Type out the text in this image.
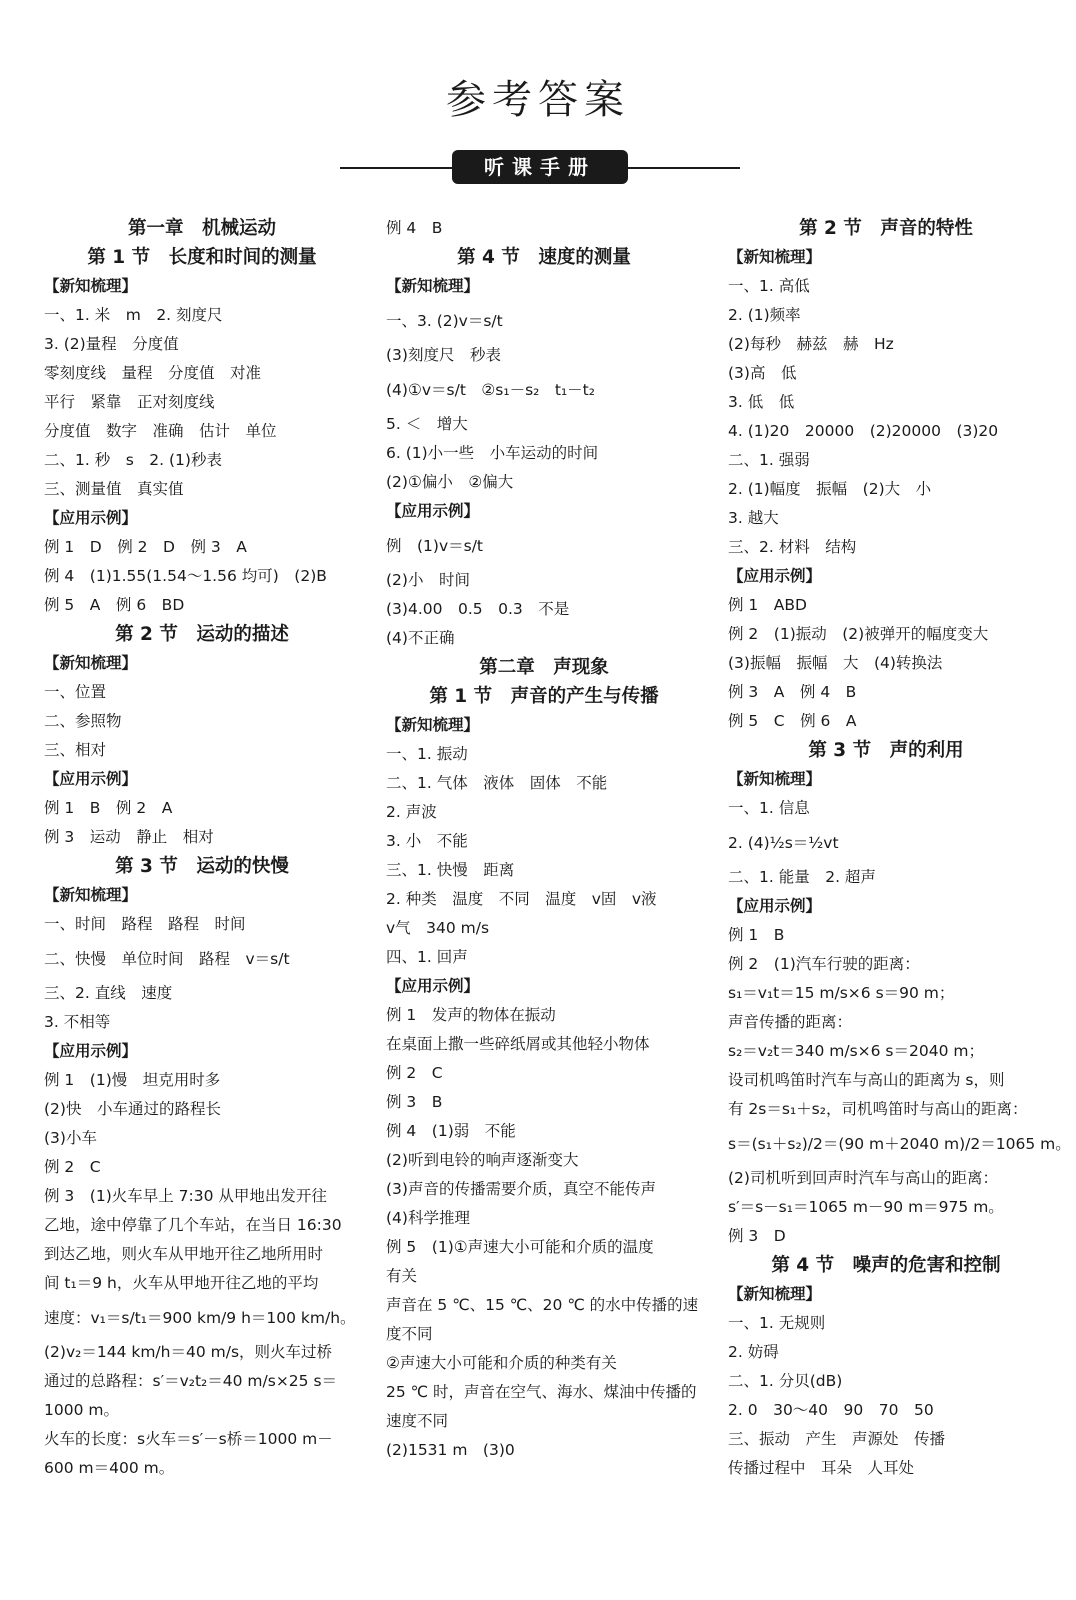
参考答案
听课手册
第一章　机械运动
第 1 节　长度和时间的测量
【新知梳理】
一、1. 米　m　2. 刻度尺
3. (2)量程　分度值
零刻度线　量程　分度值　对准
平行　紧靠　正对刻度线
分度值　数字　准确　估计　单位
二、1. 秒　s　2. (1)秒表
三、测量值　真实值
【应用示例】
例 1　D　例 2　D　例 3　A
例 4　(1)1.55(1.54～1.56 均可)　(2)B
例 5　A　例 6　BD
第 2 节　运动的描述
【新知梳理】
一、位置
二、参照物
三、相对
【应用示例】
例 1　B　例 2　A
例 3　运动　静止　相对
第 3 节　运动的快慢
【新知梳理】
一、时间　路程　路程　时间
二、快慢　单位时间　路程　v＝s/t
三、2. 直线　速度
3. 不相等
【应用示例】
例 1　(1)慢　坦克用时多
(2)快　小车通过的路程长
(3)小车
例 2　C
例 3　(1)火车早上 7:30 从甲地出发开往
乙地，途中停靠了几个车站，在当日 16:30
到达乙地，则火车从甲地开往乙地所用时
间 t₁＝9 h，火车从甲地开往乙地的平均
速度：v₁＝s/t₁＝900 km/9 h＝100 km/h。
(2)v₂＝144 km/h＝40 m/s，则火车过桥
通过的总路程：s′＝v₂t₂＝40 m/s×25 s＝
1000 m。
火车的长度：s火车＝s′－s桥＝1000 m－
600 m＝400 m。
例 4　B
第 4 节　速度的测量
【新知梳理】
一、3. (2)v＝s/t
(3)刻度尺　秒表
(4)①v＝s/t　②s₁－s₂　t₁－t₂
5. ＜　增大
6. (1)小一些　小车运动的时间
(2)①偏小　②偏大
【应用示例】
例　(1)v＝s/t
(2)小　时间
(3)4.00　0.5　0.3　不是
(4)不正确
第二章　声现象
第 1 节　声音的产生与传播
【新知梳理】
一、1. 振动
二、1. 气体　液体　固体　不能
2. 声波
3. 小　不能
三、1. 快慢　距离
2. 种类　温度　不同　温度　v固　v液
v气　340 m/s
四、1. 回声
【应用示例】
例 1　发声的物体在振动
在桌面上撒一些碎纸屑或其他轻小物体
例 2　C
例 3　B
例 4　(1)弱　不能
(2)听到电铃的响声逐渐变大
(3)声音的传播需要介质，真空不能传声
(4)科学推理
例 5　(1)①声速大小可能和介质的温度
有关
声音在 5 ℃、15 ℃、20 ℃ 的水中传播的速
度不同
②声速大小可能和介质的种类有关
25 ℃ 时，声音在空气、海水、煤油中传播的
速度不同
(2)1531 m　(3)0
第 2 节　声音的特性
【新知梳理】
一、1. 高低
2. (1)频率
(2)每秒　赫兹　赫　Hz
(3)高　低
3. 低　低
4. (1)20　20000　(2)20000　(3)20
二、1. 强弱
2. (1)幅度　振幅　(2)大　小
3. 越大
三、2. 材料　结构
【应用示例】
例 1　ABD
例 2　(1)振动　(2)被弹开的幅度变大
(3)振幅　振幅　大　(4)转换法
例 3　A　例 4　B
例 5　C　例 6　A
第 3 节　声的利用
【新知梳理】
一、1. 信息
2. (4)½s＝½vt
二、1. 能量　2. 超声
【应用示例】
例 1　B
例 2　(1)汽车行驶的距离：
s₁＝v₁t＝15 m/s×6 s＝90 m；
声音传播的距离：
s₂＝v₂t＝340 m/s×6 s＝2040 m；
设司机鸣笛时汽车与高山的距离为 s，则
有 2s＝s₁＋s₂，司机鸣笛时与高山的距离：
s＝(s₁＋s₂)/2＝(90 m＋2040 m)/2＝1065 m。
(2)司机听到回声时汽车与高山的距离：
s′＝s－s₁＝1065 m－90 m＝975 m。
例 3　D
第 4 节　噪声的危害和控制
【新知梳理】
一、1. 无规则
2. 妨碍
二、1. 分贝(dB)
2. 0　30～40　90　70　50
三、振动　产生　声源处　传播
传播过程中　耳朵　人耳处
